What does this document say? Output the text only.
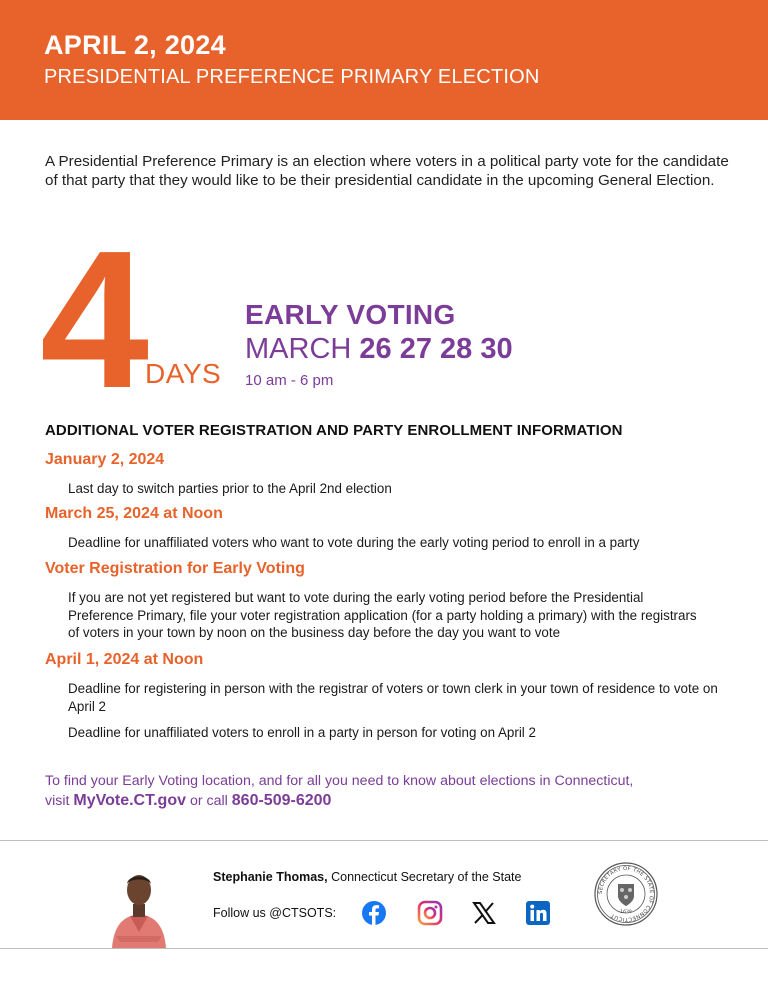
APRIL 2, 2024
PRESIDENTIAL PREFERENCE PRIMARY ELECTION
A Presidential Preference Primary is an election where voters in a political party vote for the candidate of that party that they would like to be their presidential candidate in the upcoming General Election.
4 DAYS
EARLY VOTING
MARCH 26 27 28 30
10 am - 6 pm
ADDITIONAL VOTER REGISTRATION AND PARTY ENROLLMENT INFORMATION
January 2, 2024
Last day to switch parties prior to the April 2nd election
March 25, 2024 at Noon
Deadline for unaffiliated voters who want to vote during the early voting period to enroll in a party
Voter Registration for Early Voting
If you are not yet registered but want to vote during the early voting period before the Presidential Preference Primary, file your voter registration application (for a party holding a primary) with the registrars of voters in your town by noon on the business day before the day you want to vote
April 1, 2024 at Noon
Deadline for registering in person with the registrar of voters or town clerk in your town of residence to vote on April 2
Deadline for unaffiliated voters to enroll in a party in person for voting on April 2
To find your Early Voting location, and for all you need to know about elections in Connecticut,
visit MyVote.CT.gov or call 860-509-6200
Stephanie Thomas, Connecticut Secretary of the State
Follow us @CTSOTS:
SECRETARY OF THE STATE OF CONNECTICUT 1639
